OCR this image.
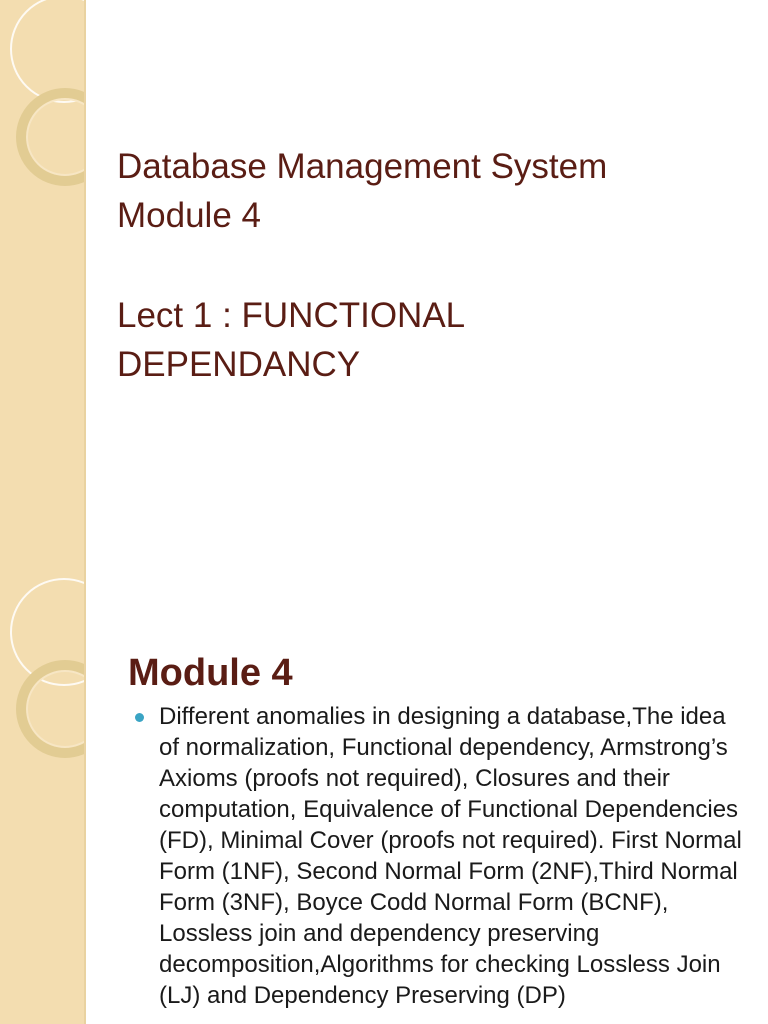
Database Management System
Module 4
Lect 1 : FUNCTIONAL
DEPENDANCY
Module 4
Different anomalies in designing a database,The idea of normalization, Functional dependency, Armstrong’s Axioms (proofs not required), Closures and their computation, Equivalence of Functional Dependencies (FD), Minimal Cover (proofs not required). First Normal Form (1NF), Second Normal Form (2NF),Third Normal Form (3NF), Boyce Codd Normal Form (BCNF), Lossless join and dependency preserving decomposition,Algorithms for checking Lossless Join (LJ) and Dependency Preserving (DP)
